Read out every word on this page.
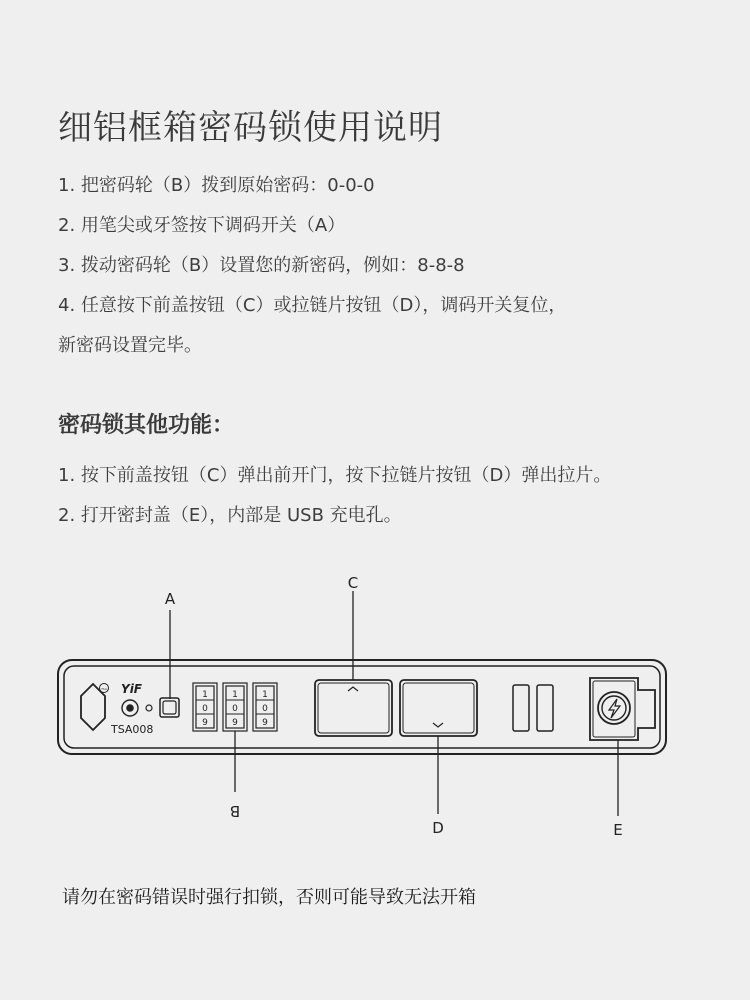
细铝框箱密码锁使用说明
1. 把密码轮（B）拨到原始密码：0-0-0
2. 用笔尖或牙签按下调码开关（A）
3. 拨动密码轮（B）设置您的新密码，例如：8-8-8
4. 任意按下前盖按钮（C）或拉链片按钮（D），调码开关复位，
新密码设置完毕。
密码锁其他功能：
1. 按下前盖按钮（C）弹出前开门，按下拉链片按钮（D）弹出拉片。
2. 打开密封盖（E），内部是 USB 充电孔。
TSA YiF
TSA008
1
0
9
1
0
9
1
0
9
A
B
C
D	E

请勿在密码错误时强行扣锁，否则可能导致无法开箱
